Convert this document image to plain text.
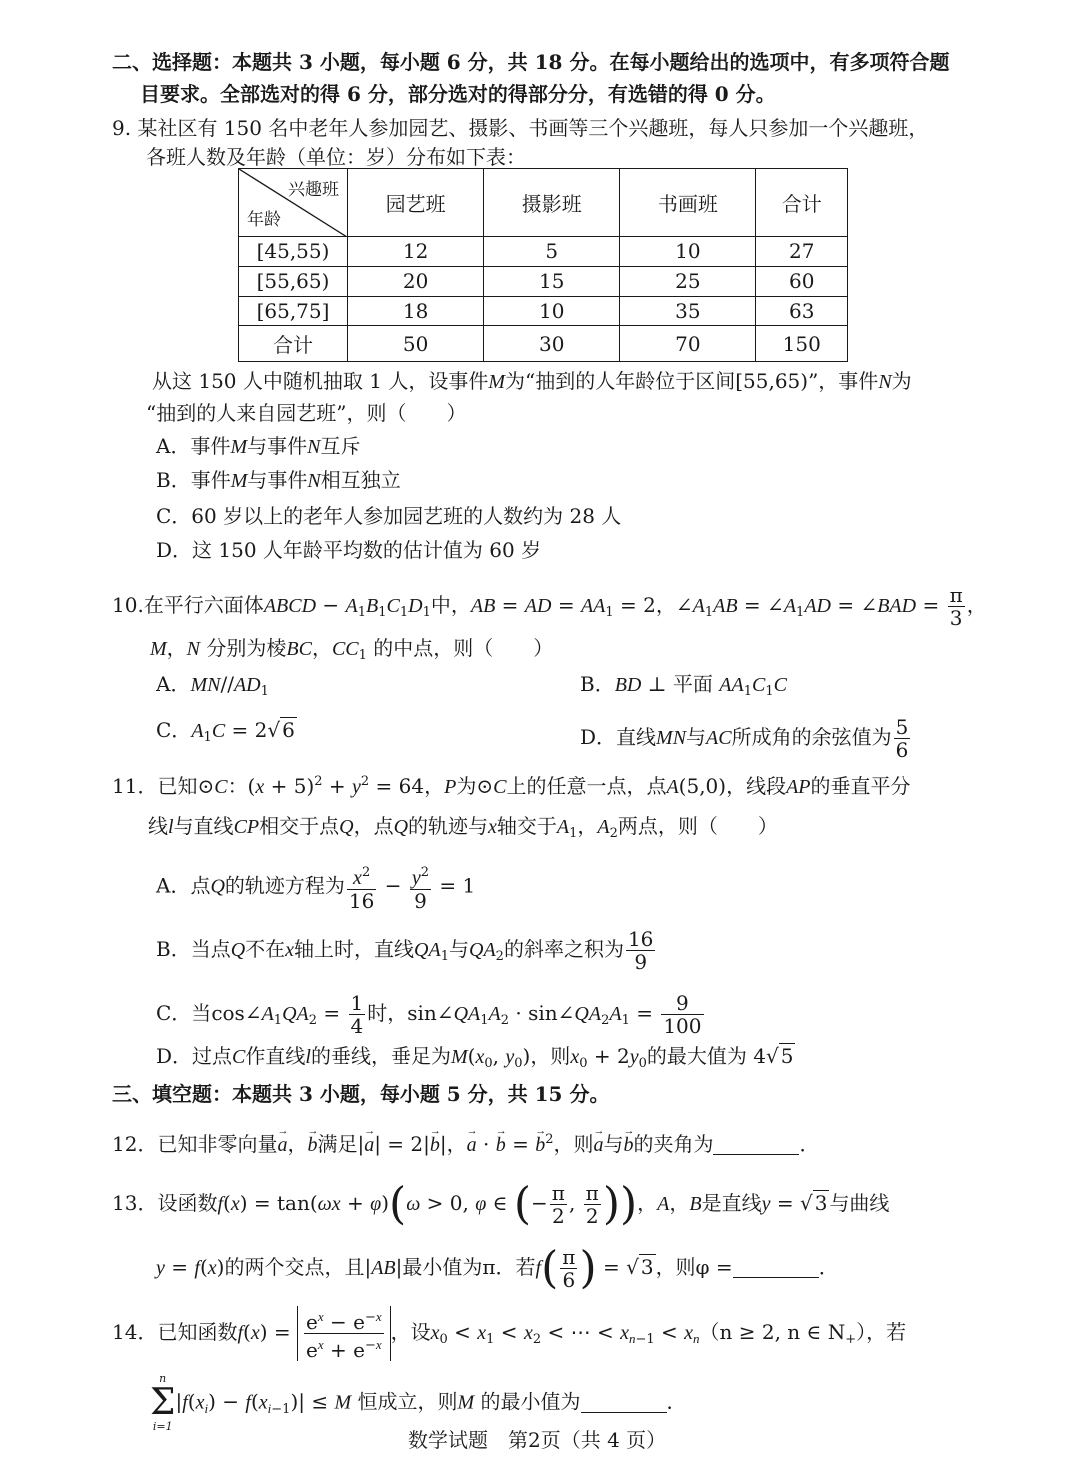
二、选择题：本题共 3 小题，每小题 6 分，共 18 分。在每小题给出的选项中，有多项符合题
目要求。全部选对的得 6 分，部分选对的得部分分，有选错的得 0 分。
9. 某社区有 150 名中老年人参加园艺、摄影、书画等三个兴趣班，每人只参加一个兴趣班，
各班人数及年龄（单位：岁）分布如下表：
兴趣班
年龄	园艺班	摄影班	书画班	合计
[45,55)	12	5	10	27
[55,65)	20	15	25	60
[65,75]	18	10	35	63
合计	50	30	70	150
从这 150 人中随机抽取 1 人，设事件M为“抽到的人年龄位于区间[55,65)”，事件N为
“抽到的人来自园艺班”，则（　　）
A．事件M与事件N互斥
B．事件M与事件N相互独立
C．60 岁以上的老年人参加园艺班的人数约为 28 人
D．这 150 人年龄平均数的估计值为 60 岁
10.在平行六面体ABCD − $A_1B_1C_1D_1$中，AB = AD = $AA_1 = 2$，$\angle A_1AB$ = $\angle A_1AD$ = ∠BAD = $\frac{\pi}{3}$ ，
M，N 分别为棱BC，$CC_1$ 的中点，则（　　）
A．$MN//AD_1$	B．BD ⊥ 平面 $AA_1C_1C$
C．$A_1C = 2√$ 6	D．直线MN与AC所成角的余弦值为 $\frac{5}{6}$
11．已知⊙C：$(x + 5)^2 + y^2 = 64$，P为⊙C上的任意一点，点A(5,0)，线段AP的垂直平分
线l与直线CP相交于点Q，点Q的轨迹与x轴交于$A_1$，$A_2$两点，则（　　）
A．点Q的轨迹方程为 $\frac{x^2}{16} - \frac{y^2}{9} = 1$
B．当点Q不在x轴上时，直线$QA_1$与$QA_2$的斜率之积为 $\frac{16}{9}$
C．当$\cos\angle A_1QA_2 = \frac{1}{4}$ 时，$\sin\angle QA_1A_2$ · $\sin\angle QA_2A_1 = \frac{9}{100}$
D．过点C作直线l的垂线，垂足为$M(x_0$, $y_0$)，则$x_0 + 2y_0$的最大值为 4√ 5
三、填空题：本题共 3 小题，每小题 5 分，共 15 分。
12．已知非零向量→ a，→ b满足|→ a| = 2|→ b|，→ a · → b = → $b^2$，则→ a与→ b的夹角为	．
13．设函数f(x) = tan(ωx + φ)(ω > 0, φ ∈ (− $\frac{\pi}{2}$ , $\frac{\pi}{2}$ ))，A，B是直线y = √ 3 与曲线
y = f(x)的两个交点，且|AB|最小值为π．若$f( \frac{\pi}{6}$ ) = √ 3 ，则φ =	．
14．已知函数$f(x) = \frac{e^x - e^{-x}}{e^x + e^{-x}}$ ，设$x_0 < x_1 < x_2$ < ⋯ < $x_{n-1} < x_n(n \ge 2$, n ∈ $N_+$），若
n
Σ
i=1
$|f(x_i) - f(x_{i-1})| \le M$ 恒成立，则M 的最小值为	．
数学试题　第2页（共 4 页）
